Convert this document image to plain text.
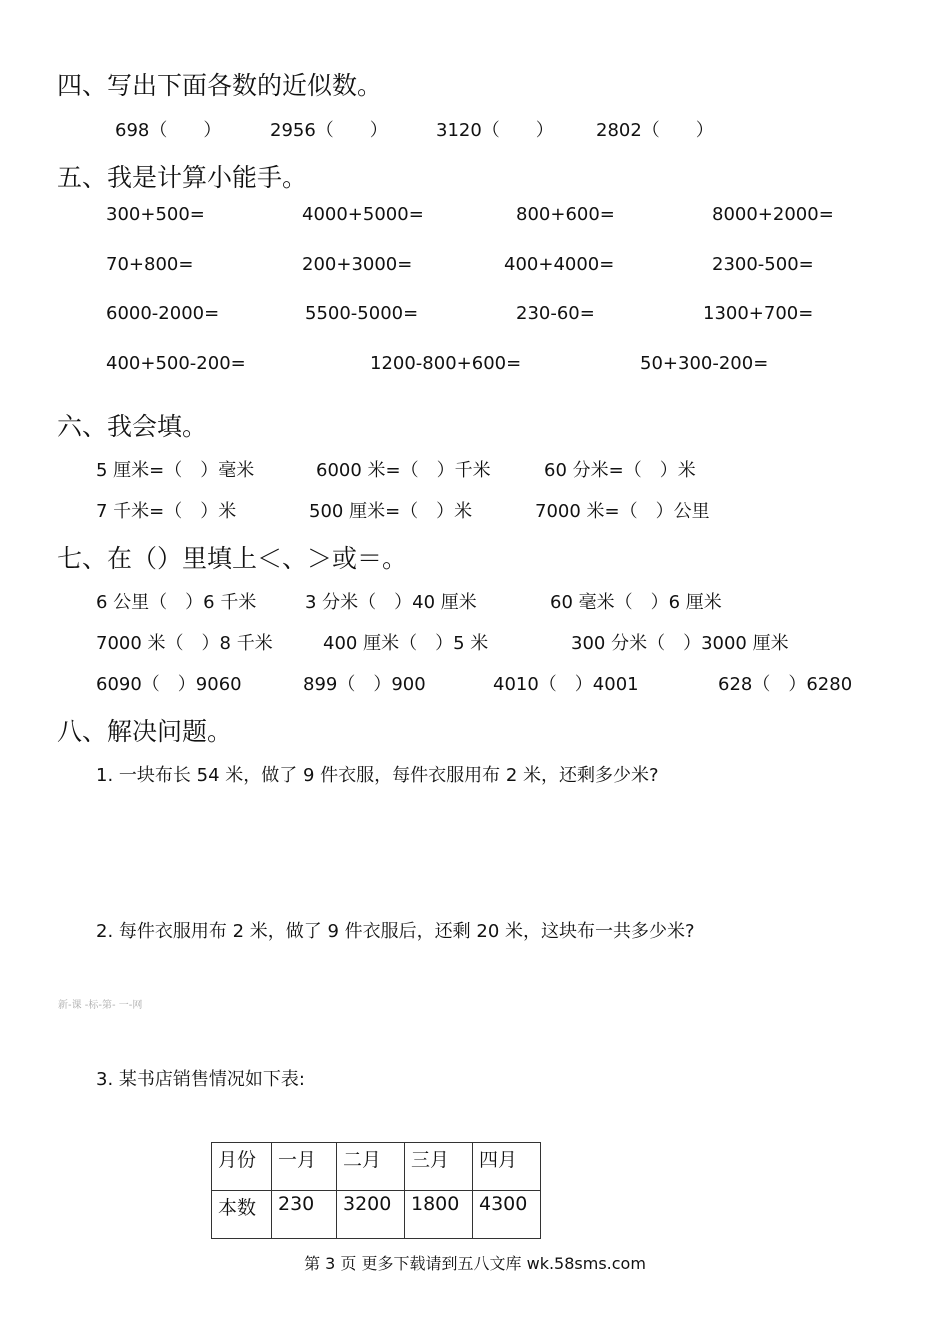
四、写出下面各数的近似数。
698（　　）	2956（　　）	3120（　　） 2802（　　）
五、我是计算小能手。
300+500=	4000+5000=	800+600=	8000+2000=
70+800=	200+3000=	400+4000=	2300-500=
6000-2000=	5500-5000=	230-60=	1300+700=
400+500-200=	1200-800+600=	50+300-200=
六、我会填。
5 厘米=（　）毫米	6000 米=（　）千米	60 分米=（　）米
7 千米=（　）米	500 厘米=（　）米	7000 米=（　）公里
七、在（）里填上＜、＞或＝。
6 公里（　）6 千米	3 分米（　）40 厘米	60 毫米（　）6 厘米
7000 米（　）8 千米	400 厘米（　）5 米	300 分米（　）3000 厘米
6090（　）9060	899（　）900	4010（　）4001	628（　）6280
八、解决问题。
1. 一块布长 54 米，做了 9 件衣服，每件衣服用布 2 米，还剩多少米?
2. 每件衣服用布 2 米，做了 9 件衣服后，还剩 20 米，这块布一共多少米?
新-课 -标-第- 一-网
3. 某书店销售情况如下表:
月份	一月	二月	三月	四月
本数	230	3200	1800	4300
第 3 页 更多下载请到五八文库 wk.58sms.com
